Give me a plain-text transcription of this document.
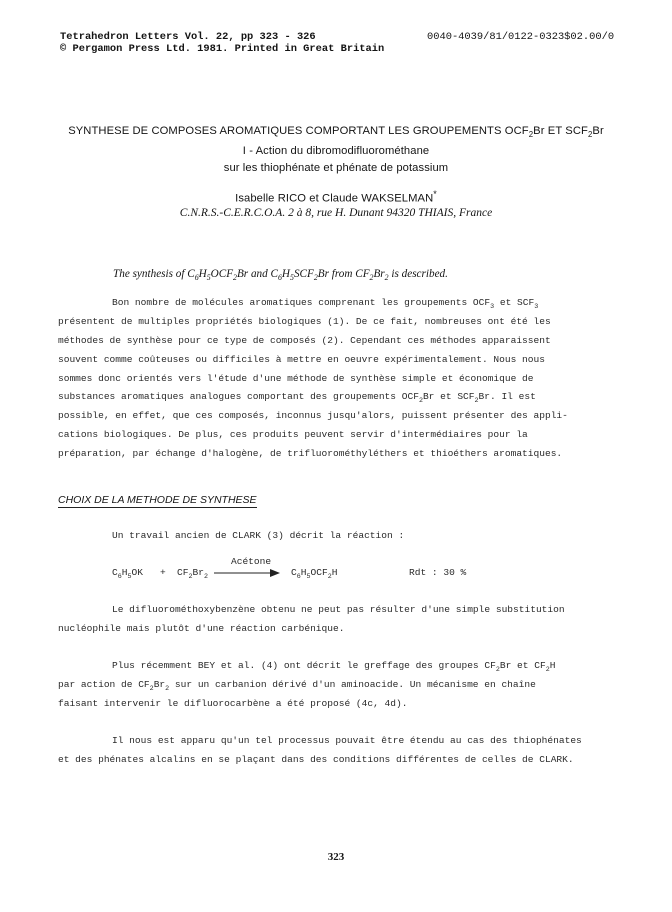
Tetrahedron Letters Vol. 22, pp 323 - 326
© Pergamon Press Ltd. 1981. Printed in Great Britain
0040-4039/81/0122-0323$02.00/0
SYNTHESE DE COMPOSES AROMATIQUES COMPORTANT LES GROUPEMENTS $OCF_2Br$ ET $SCF_2Br$
I - Action du dibromodifluorométhane
sur les thiophénate et phénate de potassium
Isabelle RICO et Claude WAKSELMAN*
C.N.R.S.-C.E.R.C.O.A. 2 à 8, rue H. Dunant 94320 THIAIS, France
The synthesis of $C_6H_5OCF_2Br$ and $C_6H_5SCF_2Br$ from $CF_2Br_2$ is described.
Bon nombre de molécules aromatiques comprenant les groupements $OCF_3$ et $SCF_3$
présentent de multiples propriétés biologiques (1). De ce fait, nombreuses ont été les
méthodes de synthèse pour ce type de composés (2). Cependant ces méthodes apparaissent
souvent comme coûteuses ou difficiles à mettre en oeuvre expérimentalement. Nous nous
sommes donc orientés vers l'étude d'une méthode de synthèse simple et économique de
substances aromatiques analogues comportant des groupements $OCF_2Br$ et $SCF_2Br$. Il est
possible, en effet, que ces composés, inconnus jusqu'alors, puissent présenter des appli-
cations biologiques. De plus, ces produits peuvent servir d'intermédiaires pour la
préparation, par échange d'halogène, de trifluorométhyléthers et thioéthers aromatiques.
CHOIX DE LA METHODE DE SYNTHESE
Un travail ancien de CLARK (3) décrit la réaction :
$C_6H_5OK + CF_2Br_2$
Acétone
$C_6H_5OCF_2H$	Rdt : 30 %
Le difluorométhoxybenzène obtenu ne peut pas résulter d'une simple substitution
nucléophile mais plutôt d'une réaction carbénique.
Plus récemment BEY et al. (4) ont décrit le greffage des groupes $CF_2Br$ et $CF_2H$
par action de $CF_2Br_2$ sur un carbanion dérivé d'un aminoacide. Un mécanisme en chaîne
faisant intervenir le difluorocarbène a été proposé (4c, 4d).
Il nous est apparu qu'un tel processus pouvait être étendu au cas des thiophénates
et des phénates alcalins en se plaçant dans des conditions différentes de celles de CLARK.
323
